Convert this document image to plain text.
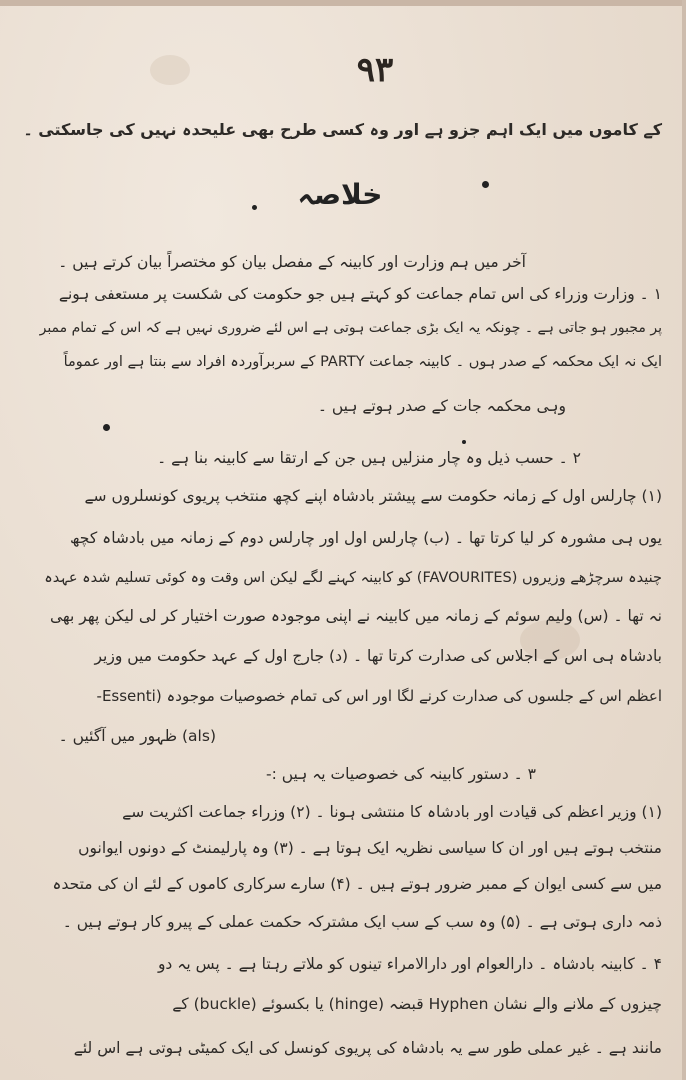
۹۳
کے کاموں میں ایک اہم جزو ہے اور وہ کسی طرح بھی علیحدہ نہیں کی جاسکتی ۔
خلاصہ
آخر میں ہم وزارت اور کابینہ کے مفصل بیان کو مختصراً بیان کرتے ہیں ۔
۱ ۔ وزارت وزراء کی اس تمام جماعت کو کہتے ہیں جو حکومت کی شکست پر مستعفی ہونے
پر مجبور ہو جاتی ہے ۔ چونکہ یہ ایک بڑی جماعت ہوتی ہے اس لئے ضروری نہیں ہے کہ اس کے تمام ممبر
ایک نہ ایک محکمہ کے صدر ہوں ۔ کابینہ جماعت PARTY کے سربرآوردہ افراد سے بنتا ہے اور عموماً
وہی محکمہ جات کے صدر ہوتے ہیں ۔
۲ ۔ حسب ذیل وہ چار منزلیں ہیں جن کے ارتقا سے کابینہ بنا ہے ۔
(۱) چارلس اول کے زمانہ حکومت سے پیشتر بادشاہ اپنے کچھ منتخب پریوی کونسلروں سے
یوں ہی مشورہ کر لیا کرتا تھا ۔ (ب) چارلس اول اور چارلس دوم کے زمانہ میں بادشاہ کچھ
چنیدہ سرچڑھے وزیروں (FAVOURITES) کو کابینہ کہنے لگے لیکن اس وقت وہ کوئی تسلیم شدہ عہدہ
نہ تھا ۔ (س) ولیم سوئم کے زمانہ میں کابینہ نے اپنی موجودہ صورت اختیار کر لی لیکن پھر بھی
بادشاہ ہی اس کے اجلاس کی صدارت کرتا تھا ۔ (د) جارج اول کے عہد حکومت میں وزیر
اعظم اس کے جلسوں کی صدارت کرنے لگا اور اس کی تمام خصوصیات موجودہ (Essenti-
(als) ظہور میں آگئیں ۔
۳ ۔ دستور کابینہ کی خصوصیات یہ ہیں :-
(۱) وزیر اعظم کی قیادت اور بادشاہ کا منتشی ہونا ۔ (۲) وزراء جماعت اکثریت سے
منتخب ہوتے ہیں اور ان کا سیاسی نظریہ ایک ہوتا ہے ۔ (۳) وہ پارلیمنٹ کے دونوں ایوانوں
میں سے کسی ایوان کے ممبر ضرور ہوتے ہیں ۔ (۴) سارے سرکاری کاموں کے لئے ان کی متحدہ
ذمہ داری ہوتی ہے ۔ (۵) وہ سب کے سب ایک مشترکہ حکمت عملی کے پیرو کار ہوتے ہیں ۔
۴ ۔ کابینہ بادشاہ ۔ دارالعوام اور دارالامراء تینوں کو ملاتے رہتا ہے ۔ پس یہ دو
چیزوں کے ملانے والے نشان Hyphen قبضہ (hinge) یا بکسوئے (buckle) کے
مانند ہے ۔ غیر عملی طور سے یہ بادشاہ کی پریوی کونسل کی ایک کمیٹی ہوتی ہے اس لئے
